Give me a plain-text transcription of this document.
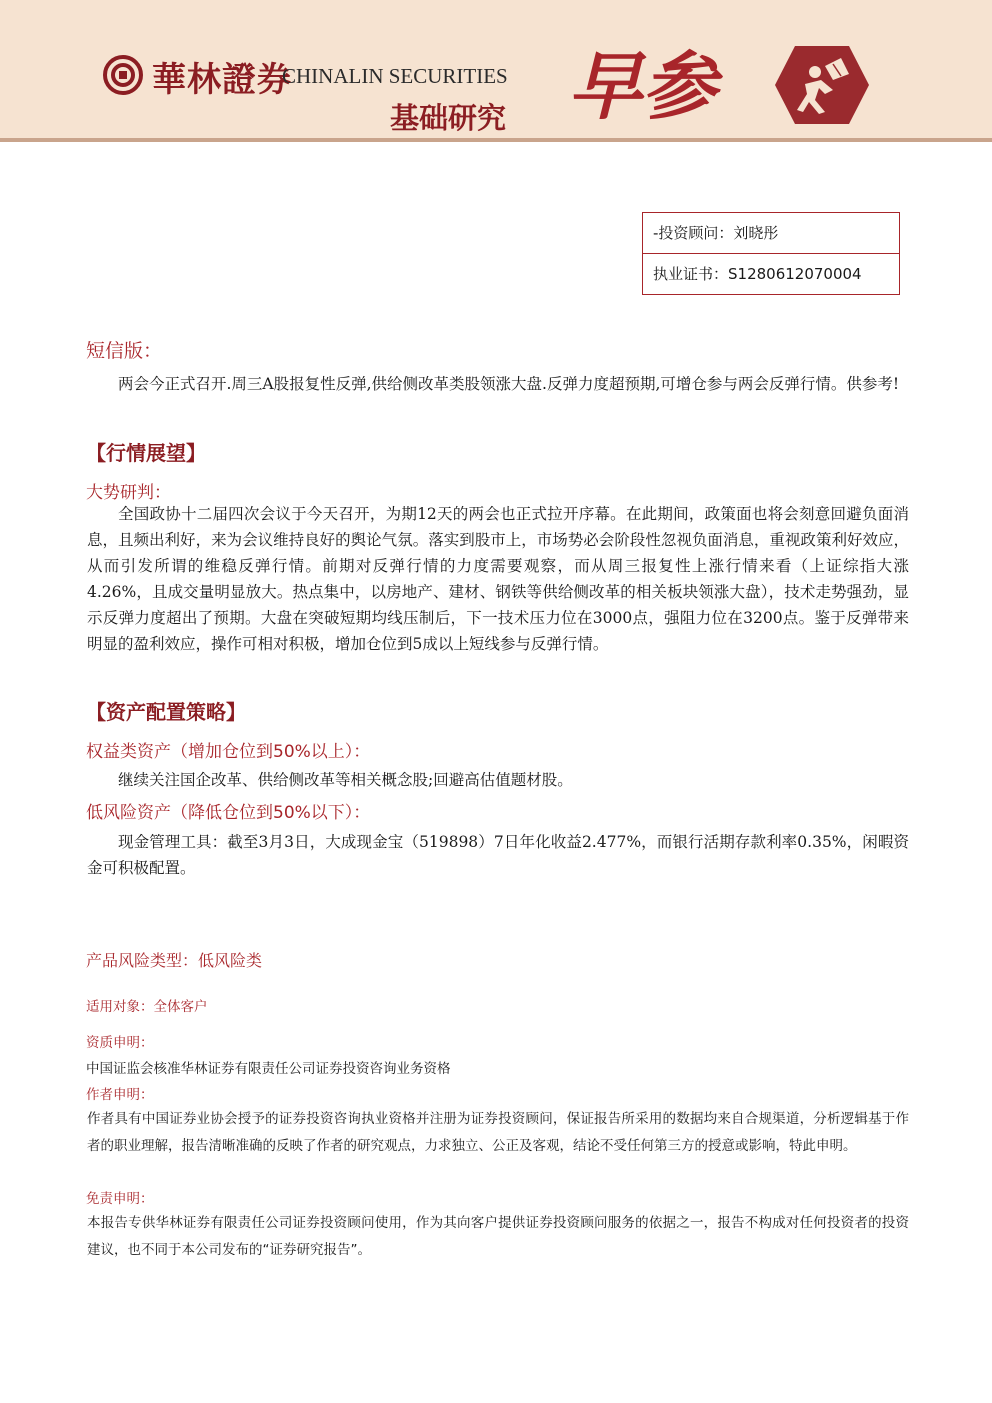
華林證券
CHINALIN SECURITIES
基础研究 早参
-投资顾问：刘晓彤
执业证书：S1280612070004
短信版：
两会今正式召开.周三A股报复性反弹,供给侧改革类股领涨大盘.反弹力度超预期,可增仓参与两会反弹行情。供参考!
【行情展望】
大势研判：
全国政协十二届四次会议于今天召开，为期12天的两会也正式拉开序幕。在此期间，政策面也将会刻意回避负面消息，且频出利好，来为会议维持良好的舆论气氛。落实到股市上，市场势必会阶段性忽视负面消息，重视政策利好效应，从而引发所谓的维稳反弹行情。前期对反弹行情的力度需要观察，而从周三报复性上涨行情来看（上证综指大涨4.26%，且成交量明显放大。热点集中，以房地产、建材、钢铁等供给侧改革的相关板块领涨大盘），技术走势强劲，显示反弹力度超出了预期。大盘在突破短期均线压制后，下一技术压力位在3000点，强阻力位在3200点。鉴于反弹带来明显的盈利效应，操作可相对积极，增加仓位到5成以上短线参与反弹行情。
【资产配置策略】
权益类资产（增加仓位到50%以上）：
继续关注国企改革、供给侧改革等相关概念股;回避高估值题材股。
低风险资产（降低仓位到50%以下）：
现金管理工具：截至3月3日，大成现金宝（519898）7日年化收益2.477%，而银行活期存款利率0.35%，闲暇资金可积极配置。
产品风险类型：低风险类
适用对象：全体客户
资质申明：
中国证监会核准华林证券有限责任公司证券投资咨询业务资格
作者申明：
作者具有中国证券业协会授予的证券投资咨询执业资格并注册为证券投资顾问，保证报告所采用的数据均来自合规渠道，分析逻辑基于作者的职业理解，报告清晰准确的反映了作者的研究观点，力求独立、公正及客观，结论不受任何第三方的授意或影响，特此申明。
免责申明：
本报告专供华林证券有限责任公司证券投资顾问使用，作为其向客户提供证券投资顾问服务的依据之一，报告不构成对任何投资者的投资建议，也不同于本公司发布的“证券研究报告”。
